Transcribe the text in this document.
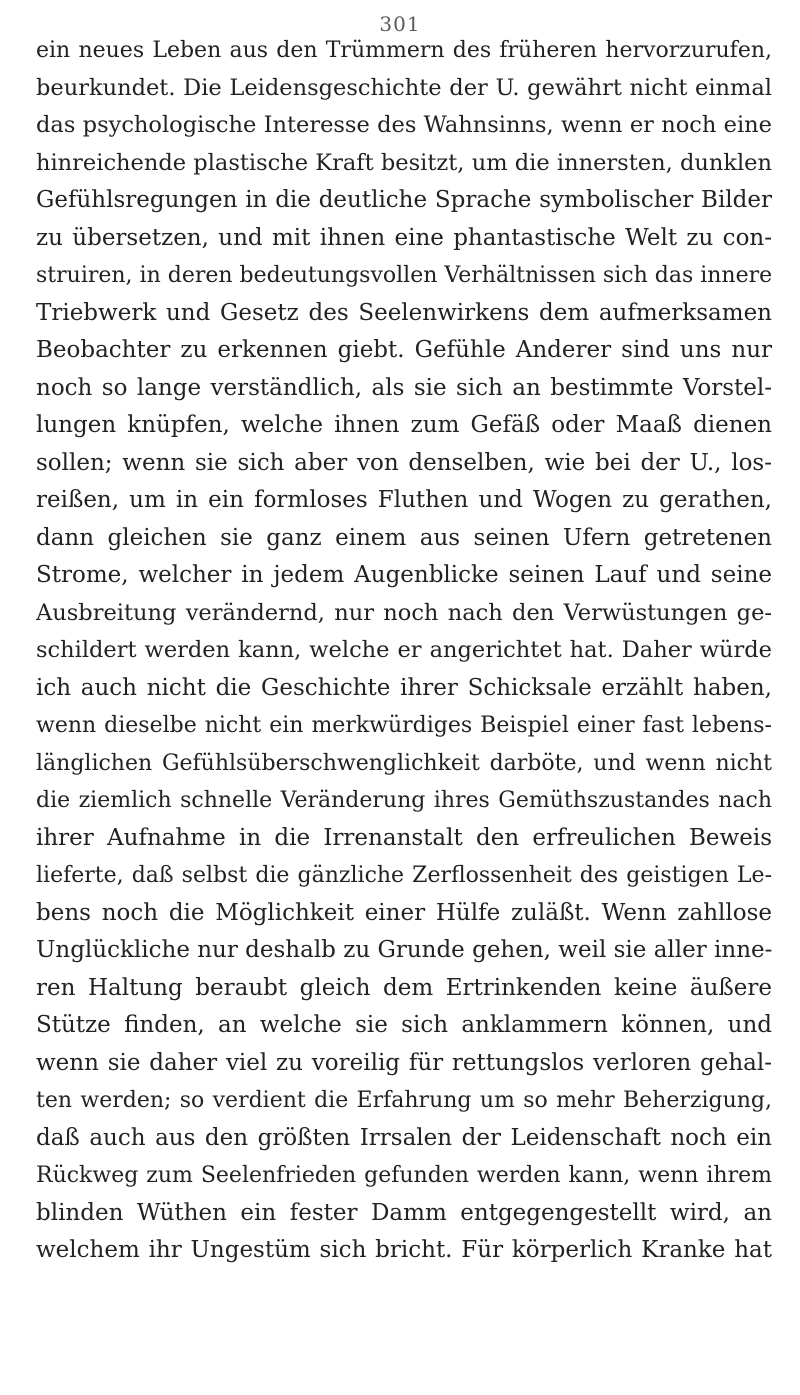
301
ein neues Leben aus den Trümmern des früheren hervorzurufen,
beurkundet. Die Leidensgeschichte der U. gewährt nicht einmal
das psychologische Interesse des Wahnsinns, wenn er noch eine
hinreichende plastische Kraft besitzt, um die innersten, dunklen
Gefühlsregungen in die deutliche Sprache symbolischer Bilder
zu übersetzen, und mit ihnen eine phantastische Welt zu con-
struiren, in deren bedeutungsvollen Verhältnissen sich das innere
Triebwerk und Gesetz des Seelenwirkens dem aufmerksamen
Beobachter zu erkennen giebt. Gefühle Anderer sind uns nur
noch so lange verständlich, als sie sich an bestimmte Vorstel-
lungen knüpfen, welche ihnen zum Gefäß oder Maaß dienen
sollen; wenn sie sich aber von denselben, wie bei der U., los-
reißen, um in ein formloses Fluthen und Wogen zu gerathen,
dann gleichen sie ganz einem aus seinen Ufern getretenen
Strome, welcher in jedem Augenblicke seinen Lauf und seine
Ausbreitung verändernd, nur noch nach den Verwüstungen ge-
schildert werden kann, welche er angerichtet hat. Daher würde
ich auch nicht die Geschichte ihrer Schicksale erzählt haben,
wenn dieselbe nicht ein merkwürdiges Beispiel einer fast lebens-
länglichen Gefühlsüberschwenglichkeit darböte, und wenn nicht
die ziemlich schnelle Veränderung ihres Gemüthszustandes nach
ihrer Aufnahme in die Irrenanstalt den erfreulichen Beweis
lieferte, daß selbst die gänzliche Zerflossenheit des geistigen Le-
bens noch die Möglichkeit einer Hülfe zuläßt. Wenn zahllose
Unglückliche nur deshalb zu Grunde gehen, weil sie aller inne-
ren Haltung beraubt gleich dem Ertrinkenden keine äußere
Stütze finden, an welche sie sich anklammern können, und
wenn sie daher viel zu voreilig für rettungslos verloren gehal-
ten werden; so verdient die Erfahrung um so mehr Beherzigung,
daß auch aus den größten Irrsalen der Leidenschaft noch ein
Rückweg zum Seelenfrieden gefunden werden kann, wenn ihrem
blinden Wüthen ein fester Damm entgegengestellt wird, an
welchem ihr Ungestüm sich bricht. Für körperlich Kranke hat
